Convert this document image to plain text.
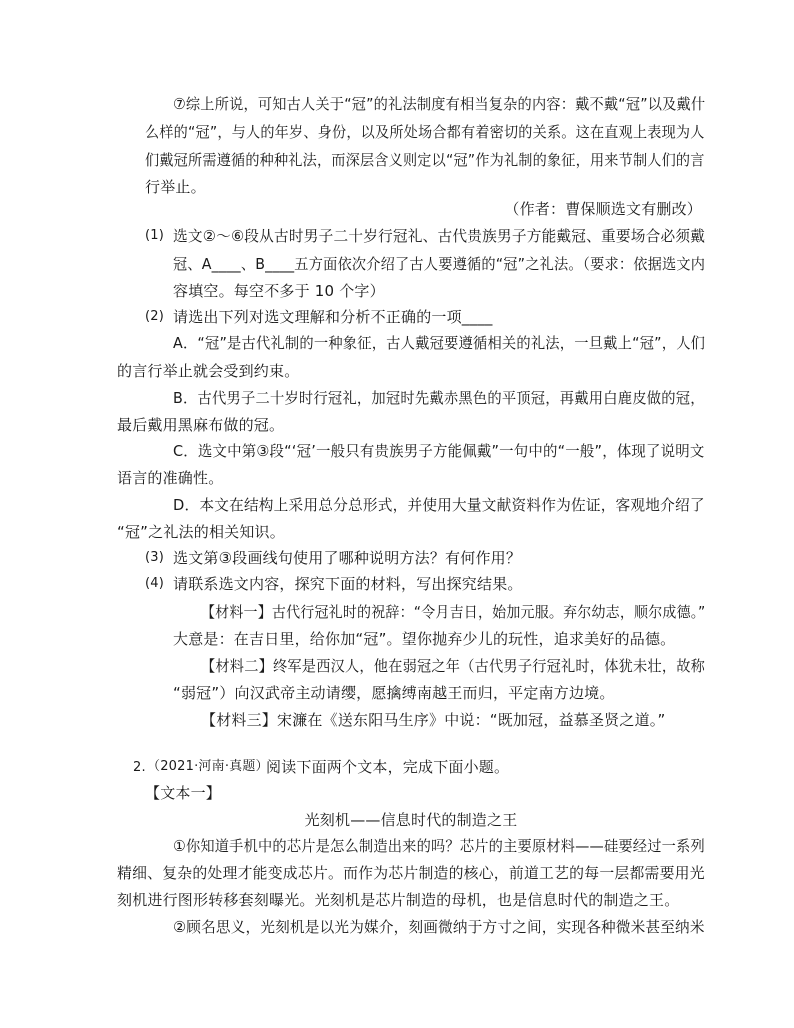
⑦综上所说，可知古人关于“冠”的礼法制度有相当复杂的内容：戴不戴“冠”以及戴什
么样的“冠”，与人的年岁、身份，以及所处场合都有着密切的关系。这在直观上表现为人
们戴冠所需遵循的种种礼法，而深层含义则定以“冠”作为礼制的象征，用来节制人们的言
行举止。
（作者：曹保顺选文有删改）
(1) 选文②～⑥段从古时男子二十岁行冠礼、古代贵族男子方能戴冠、重要场合必须戴
冠、A____、B____五方面依次介绍了古人要遵循的“冠”之礼法。（要求：依据选文内
容填空。每空不多于 10 个字）
(2) 请选出下列对选文理解和分析不正确的一项____
A．“冠”是古代礼制的一种象征，古人戴冠要遵循相关的礼法，一旦戴上“冠”，人们
的言行举止就会受到约束。
B．古代男子二十岁时行冠礼，加冠时先戴赤黑色的平顶冠，再戴用白鹿皮做的冠，
最后戴用黑麻布做的冠。
C．选文中第③段“‘冠’一般只有贵族男子方能佩戴”一句中的“一般”，体现了说明文
语言的准确性。
D．本文在结构上采用总分总形式，并使用大量文献资料作为佐证，客观地介绍了
“冠”之礼法的相关知识。
(3) 选文第③段画线句使用了哪种说明方法？有何作用？
(4) 请联系选文内容，探究下面的材料，写出探究结果。
【材料一】古代行冠礼时的祝辞：“令月吉日，始加元服。弃尔幼志，顺尔成德。”
大意是：在吉日里，给你加“冠”。望你抛弃少儿的玩性，追求美好的品德。
【材料二】终军是西汉人，他在弱冠之年（古代男子行冠礼时，体犹未壮，故称
“弱冠”）向汉武帝主动请缨，愿擒缚南越王而归，平定南方边境。
【材料三】宋濂在《送东阳马生序》中说：“既加冠，益慕圣贤之道。”
2. （2021·河南·真题）
阅读下面两个文本，完成下面小题。
【文本一】
光刻机——信息时代的制造之王
①你知道手机中的芯片是怎么制造出来的吗？芯片的主要原材料——硅要经过一系列
精细、复杂的处理才能变成芯片。而作为芯片制造的核心，前道工艺的每一层都需要用光
刻机进行图形转移套刻曝光。光刻机是芯片制造的母机，也是信息时代的制造之王。
②顾名思义，光刻机是以光为媒介，刻画微纳于方寸之间，实现各种微米甚至纳米
